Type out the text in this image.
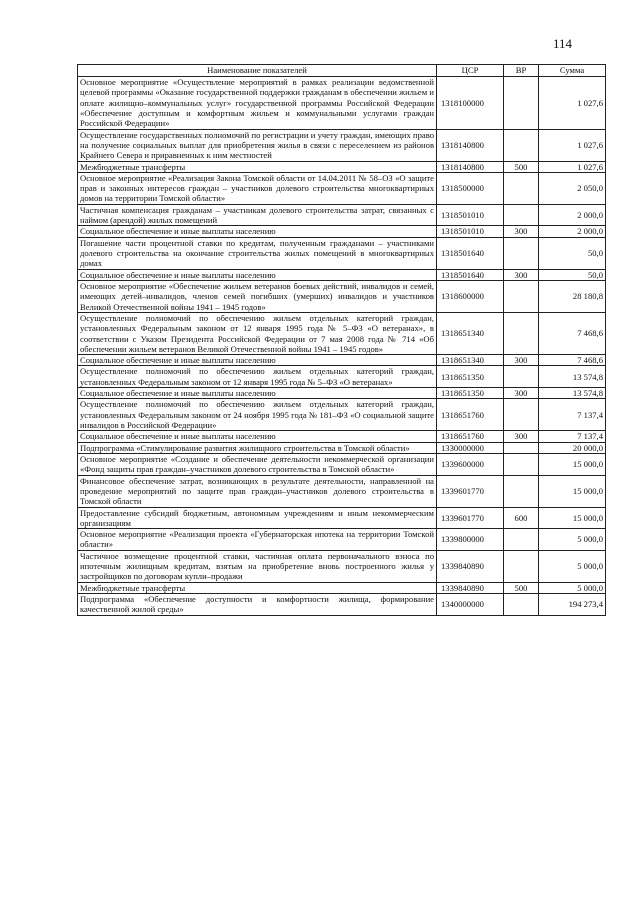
114
Наименование показателей	ЦСР	ВР	Сумма
Основное мероприятие «Осуществление мероприятий в рамках реализации ведомственной целевой программы «Оказание государственной поддержки гражданам в обеспечении жильем и оплате жилищно–коммунальных услуг» государственной программы Российской Федерации «Обеспечение доступным и комфортным жильем и коммунальными услугами граждан Российской Федерации»	1318100000		1 027,6
Осуществление государственных полномочий по регистрации и учету граждан, имеющих право на получение социальных выплат для приобретения жилья в связи с переселением из районов Крайнего Севера и приравненных к ним местностей	1318140800		1 027,6
Межбюджетные трансферты	1318140800	500	1 027,6
Основное мероприятие «Реализация Закона Томской области от 14.04.2011 № 58–ОЗ «О защите прав и законных интересов граждан – участников долевого строительства многоквартирных домов на территории Томской области»	1318500000		2 050,0
Частичная компенсация гражданам – участникам долевого строительства затрат, связанных с наймом (арендой) жилых помещений	1318501010		2 000,0
Социальное обеспечение и иные выплаты населению	1318501010	300	2 000,0
Погашение части процентной ставки по кредитам, полученным гражданами – участниками долевого строительства на окончание строительства жилых помещений в многоквартирных домах	1318501640		50,0
Социальное обеспечение и иные выплаты населению	1318501640	300	50,0
Основное мероприятие «Обеспечение жильем ветеранов боевых действий, инвалидов и семей, имеющих детей–инвалидов, членов семей погибших (умерших) инвалидов и участников Великой Отечественной войны 1941 – 1945 годов»	1318600000		28 180,8
Осуществление полномочий по обеспечению жильем отдельных категорий граждан, установленных Федеральным законом от 12 января 1995 года № 5–ФЗ «О ветеранах», в соответствии с Указом Президента Российской Федерации от 7 мая 2008 года № 714 «Об обеспечении жильем ветеранов Великой Отечественной войны 1941 – 1945 годов»	1318651340		7 468,6
Социальное обеспечение и иные выплаты населению	1318651340	300	7 468,6
Осуществление полномочий по обеспечению жильем отдельных категорий граждан, установленных Федеральным законом от 12 января 1995 года № 5–ФЗ «О ветеранах»	1318651350		13 574,8
Социальное обеспечение и иные выплаты населению	1318651350	300	13 574,8
Осуществление полномочий по обеспечению жильем отдельных категорий граждан, установленных Федеральным законом от 24 ноября 1995 года № 181–ФЗ «О социальной защите инвалидов в Российской Федерации»	1318651760		7 137,4
Социальное обеспечение и иные выплаты населению	1318651760	300	7 137,4
Подпрограмма «Стимулирование развития жилищного строительства в Томской области»	1330000000		20 000,0
Основное мероприятие «Создание и обеспечение деятельности некоммерческой организации «Фонд защиты прав граждан–участников долевого строительства в Томской области»	1339600000		15 000,0
Финансовое обеспечение затрат, возникающих в результате деятельности, направленной на проведение мероприятий по защите прав граждан–участников долевого строительства в Томской области	1339601770		15 000,0
Предоставление субсидий бюджетным, автономным учреждениям и иным некоммерческим организациям	1339601770	600	15 000,0
Основное мероприятие «Реализация проекта «Губернаторская ипотека на территории Томской области»	1339800000		5 000,0
Частичное возмещение процентной ставки, частичная оплата первоначального взноса по ипотечным жилищным кредитам, взятым на приобретение вновь построенного жилья у застройщиков по договорам купли–продажи	1339840890		5 000,0
Межбюджетные трансферты	1339840890	500	5 000,0
Подпрограмма «Обеспечение доступности и комфортности жилища, формирование качественной жилой среды»	1340000000		194 273,4
